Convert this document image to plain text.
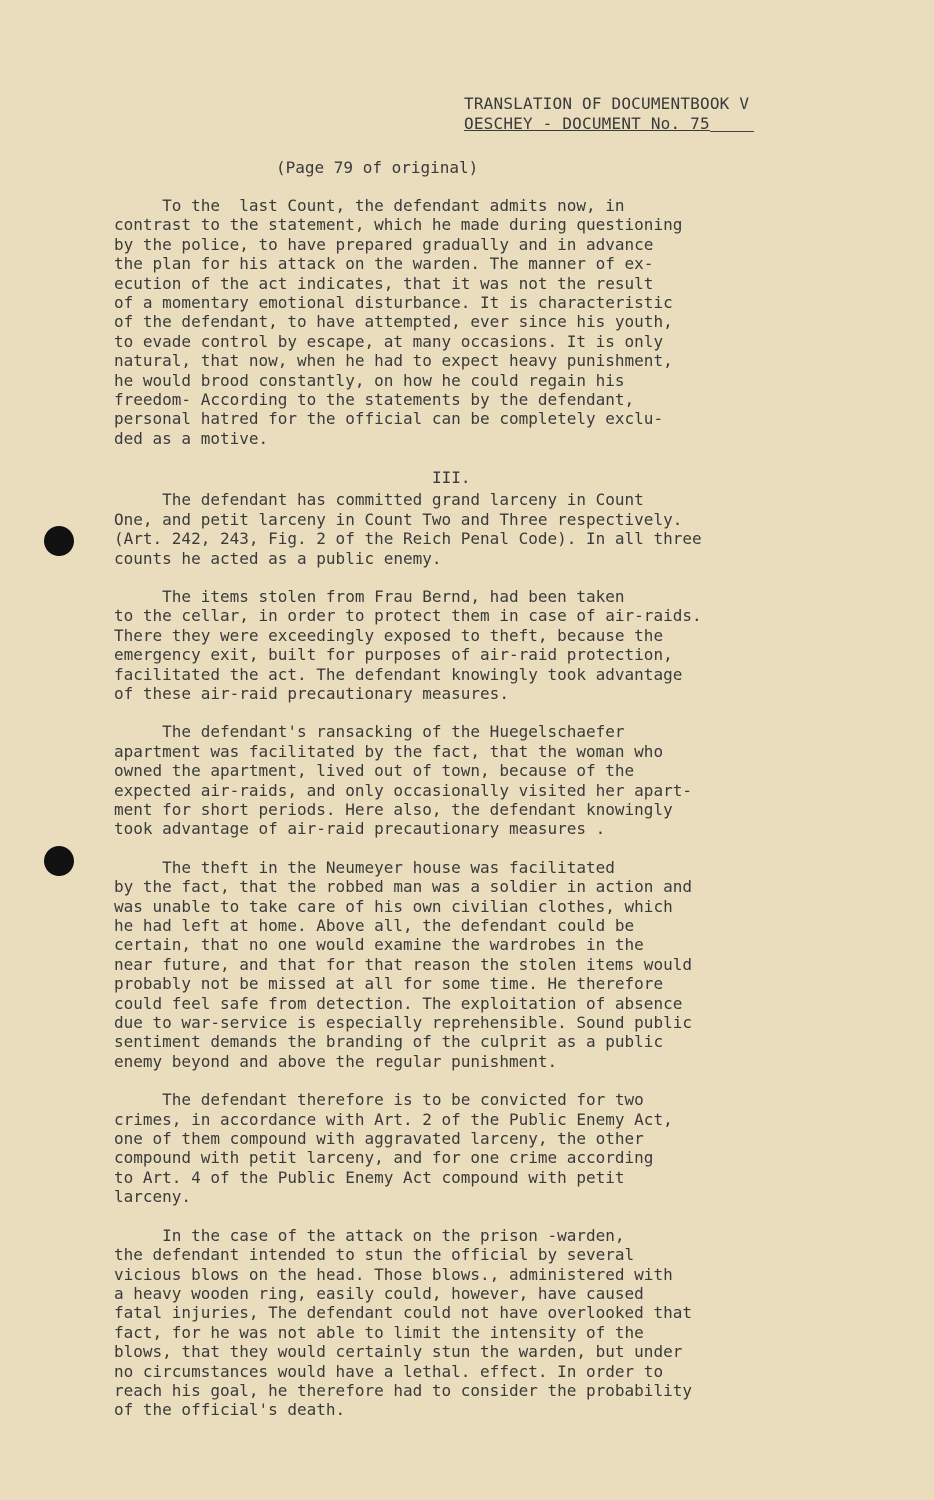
TRANSLATION OF DOCUMENTBOOK V
OESCHEY - DOCUMENT No. 75
(Page 79 of original)
To the  last Count, the defendant admits now, in
contrast to the statement, which he made during questioning
by the police, to have prepared gradually and in advance
the plan for his attack on the warden. The manner of ex-
ecution of the act indicates, that it was not the result
of a momentary emotional disturbance. It is characteristic
of the defendant, to have attempted, ever since his youth,
to evade control by escape, at many occasions. It is only
natural, that now, when he had to expect heavy punishment,
he would brood constantly, on how he could regain his
freedom- According to the statements by the defendant,
personal hatred for the official can be completely exclu-
ded as a motive.
The defendant has committed grand larceny in Count
One, and petit larceny in Count Two and Three respectively.
(Art. 242, 243, Fig. 2 of the Reich Penal Code). In all three
counts he acted as a public enemy.
The items stolen from Frau Bernd, had been taken
to the cellar, in order to protect them in case of air-raids.
There they were exceedingly exposed to theft, because the
emergency exit, built for purposes of air-raid protection,
facilitated the act. The defendant knowingly took advantage
of these air-raid precautionary measures.
The defendant's ransacking of the Huegelschaefer
apartment was facilitated by the fact, that the woman who
owned the apartment, lived out of town, because of the
expected air-raids, and only occasionally visited her apart-
ment for short periods. Here also, the defendant knowingly
took advantage of air-raid precautionary measures .
The theft in the Neumeyer house was facilitated
by the fact, that the robbed man was a soldier in action and
was unable to take care of his own civilian clothes, which
he had left at home. Above all, the defendant could be
certain, that no one would examine the wardrobes in the
near future, and that for that reason the stolen items would
probably not be missed at all for some time. He therefore
could feel safe from detection. The exploitation of absence
due to war-service is especially reprehensible. Sound public
sentiment demands the branding of the culprit as a public
enemy beyond and above the regular punishment.
The defendant therefore is to be convicted for two
crimes, in accordance with Art. 2 of the Public Enemy Act,
one of them compound with aggravated larceny, the other
compound with petit larceny, and for one crime according
to Art. 4 of the Public Enemy Act compound with petit
larceny.
In the case of the attack on the prison -warden,
the defendant intended to stun the official by several
vicious blows on the head. Those blows., administered with
a heavy wooden ring, easily could, however, have caused
fatal injuries, The defendant could not have overlooked that
fact, for he was not able to limit the intensity of the
blows, that they would certainly stun the warden, but under
no circumstances would have a lethal. effect. In order to
reach his goal, he therefore had to consider the probability
of the official's death.
III.
